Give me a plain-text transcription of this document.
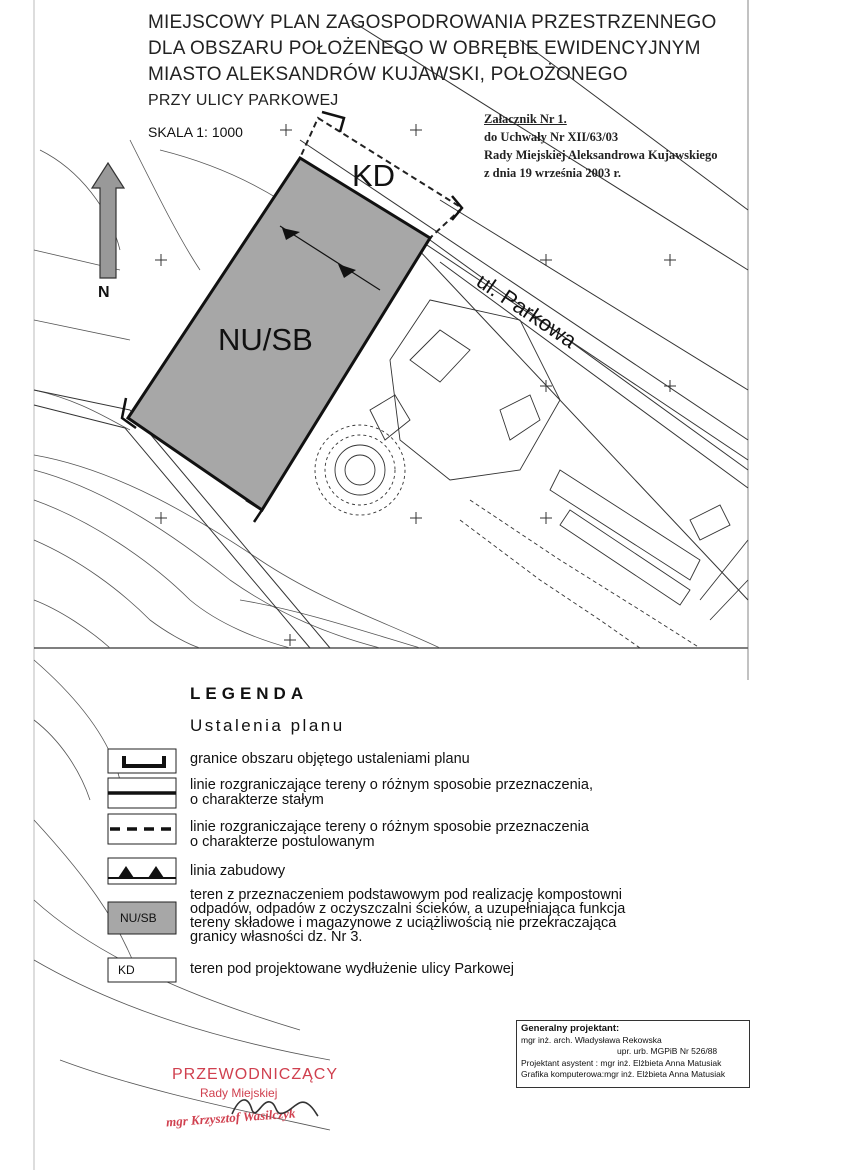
MIEJSCOWY PLAN ZAGOSPODROWANIA PRZESTRZENNEGO
DLA OBSZARU POŁOŻENEGO W OBRĘBIE EWIDENCYJNYM
MIASTO ALEKSANDRÓW KUJAWSKI, POŁOŻONEGO
PRZY ULICY PARKOWEJ
SKALA 1: 1000
Załacznik Nr 1.
do Uchwały Nr XII/63/03
Rady Miejskiej Aleksandrowa Kujawskiego
z dnia 19 września 2003 r.
N
KD
NU/SB	ul. Parkowa
LEGENDA
Ustalenia planu
granice obszaru objętego ustaleniami planu
linie rozgraniczające tereny o różnym sposobie przeznaczenia,
o charakterze stałym
linie rozgraniczające tereny o różnym sposobie przeznaczenia
o charakterze postulowanym
linia zabudowy
teren z przeznaczeniem podstawowym pod realizację kompostowni
odpadów, odpadów z oczyszczalni ścieków, a uzupełniająca funkcja
tereny składowe i magazynowe z uciążliwością nie przekraczająca
granicy własności dz. Nr 3.
NU/SB
teren pod projektowane wydłużenie ulicy Parkowej
KD
Generalny projektant:
mgr inż. arch. Władysława Rekowska
upr. urb. MGPiB Nr 526/88
Projektant asystent : mgr inż. Elżbieta Anna Matusiak
Grafika komputerowa:mgr inż. Elżbieta Anna Matusiak
PRZEWODNICZĄCY
Rady Miejskiej
mgr Krzysztof Wasilczyk
